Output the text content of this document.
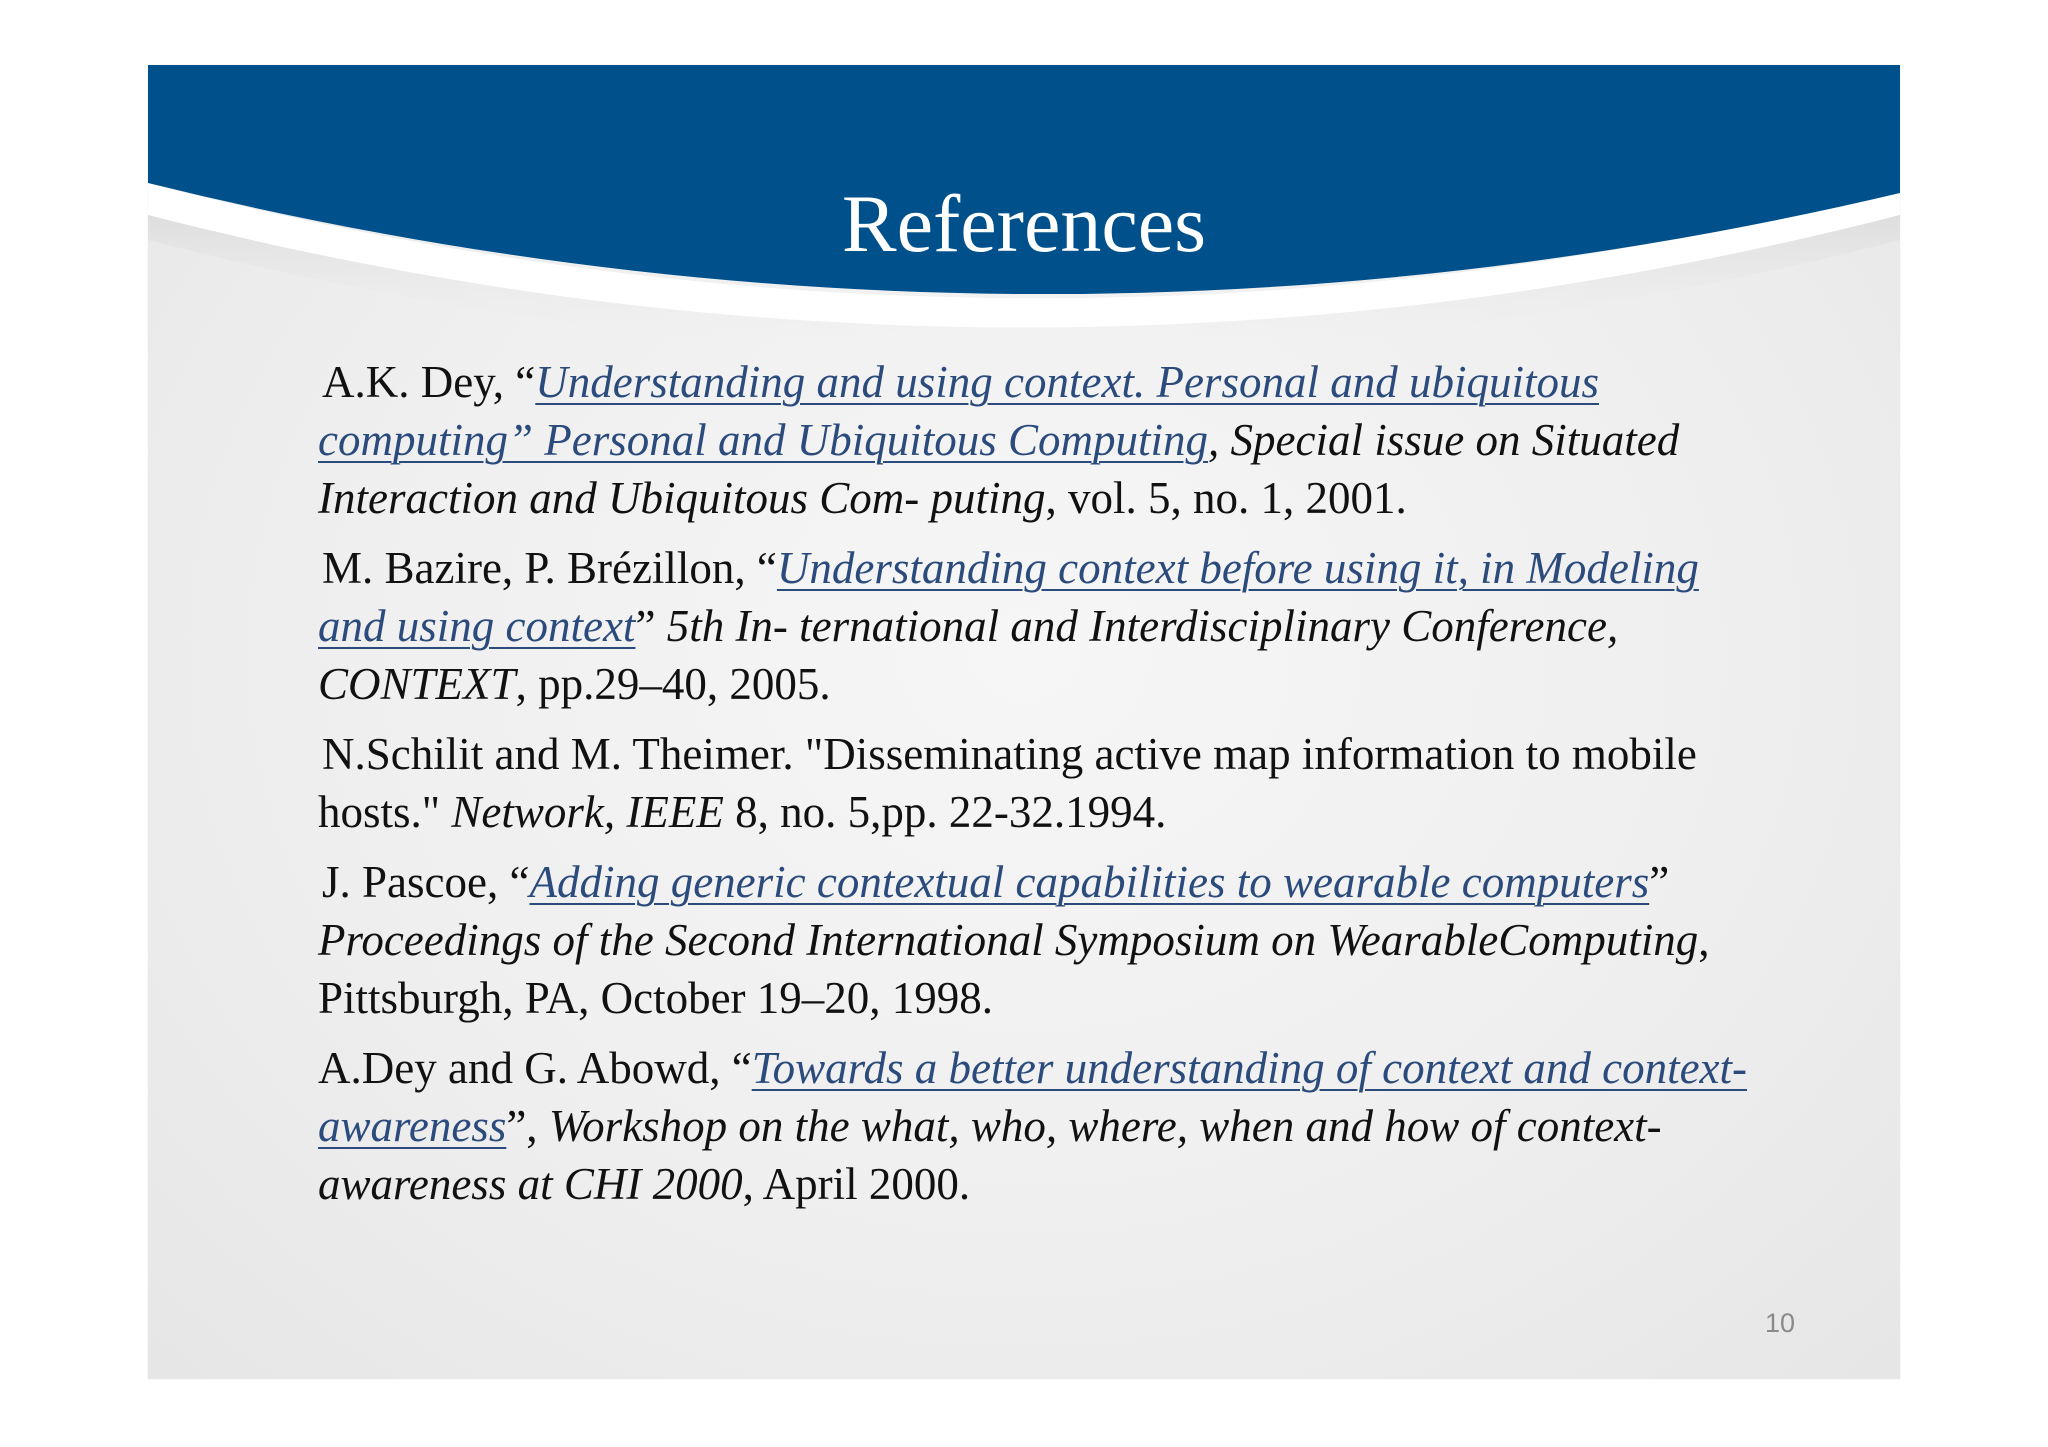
References

A.K. Dey, “Understanding and using context. Personal and ubiquitous computing” Personal and Ubiquitous Computing, Special issue on Situated Interaction and Ubiquitous Com- puting, vol. 5, no. 1, 2001.

M. Bazire, P. Brézillon, “Understanding context before using it, in Modeling and using context” 5th In- ternational and Interdisciplinary Conference, CONTEXT, pp.29–40, 2005.

N.Schilit and M. Theimer. "Disseminating active map information to mobile hosts." Network, IEEE 8, no. 5,pp. 22-32.1994.

J. Pascoe, “Adding generic contextual capabilities to wearable computers” Proceedings of the Second International Symposium on WearableComputing, Pittsburgh, PA, October 19–20, 1998.

A.Dey and G. Abowd, “Towards a better understanding of context and context-awareness”, Workshop on the what, who, where, when and how of context-awareness at CHI 2000, April 2000.

10
